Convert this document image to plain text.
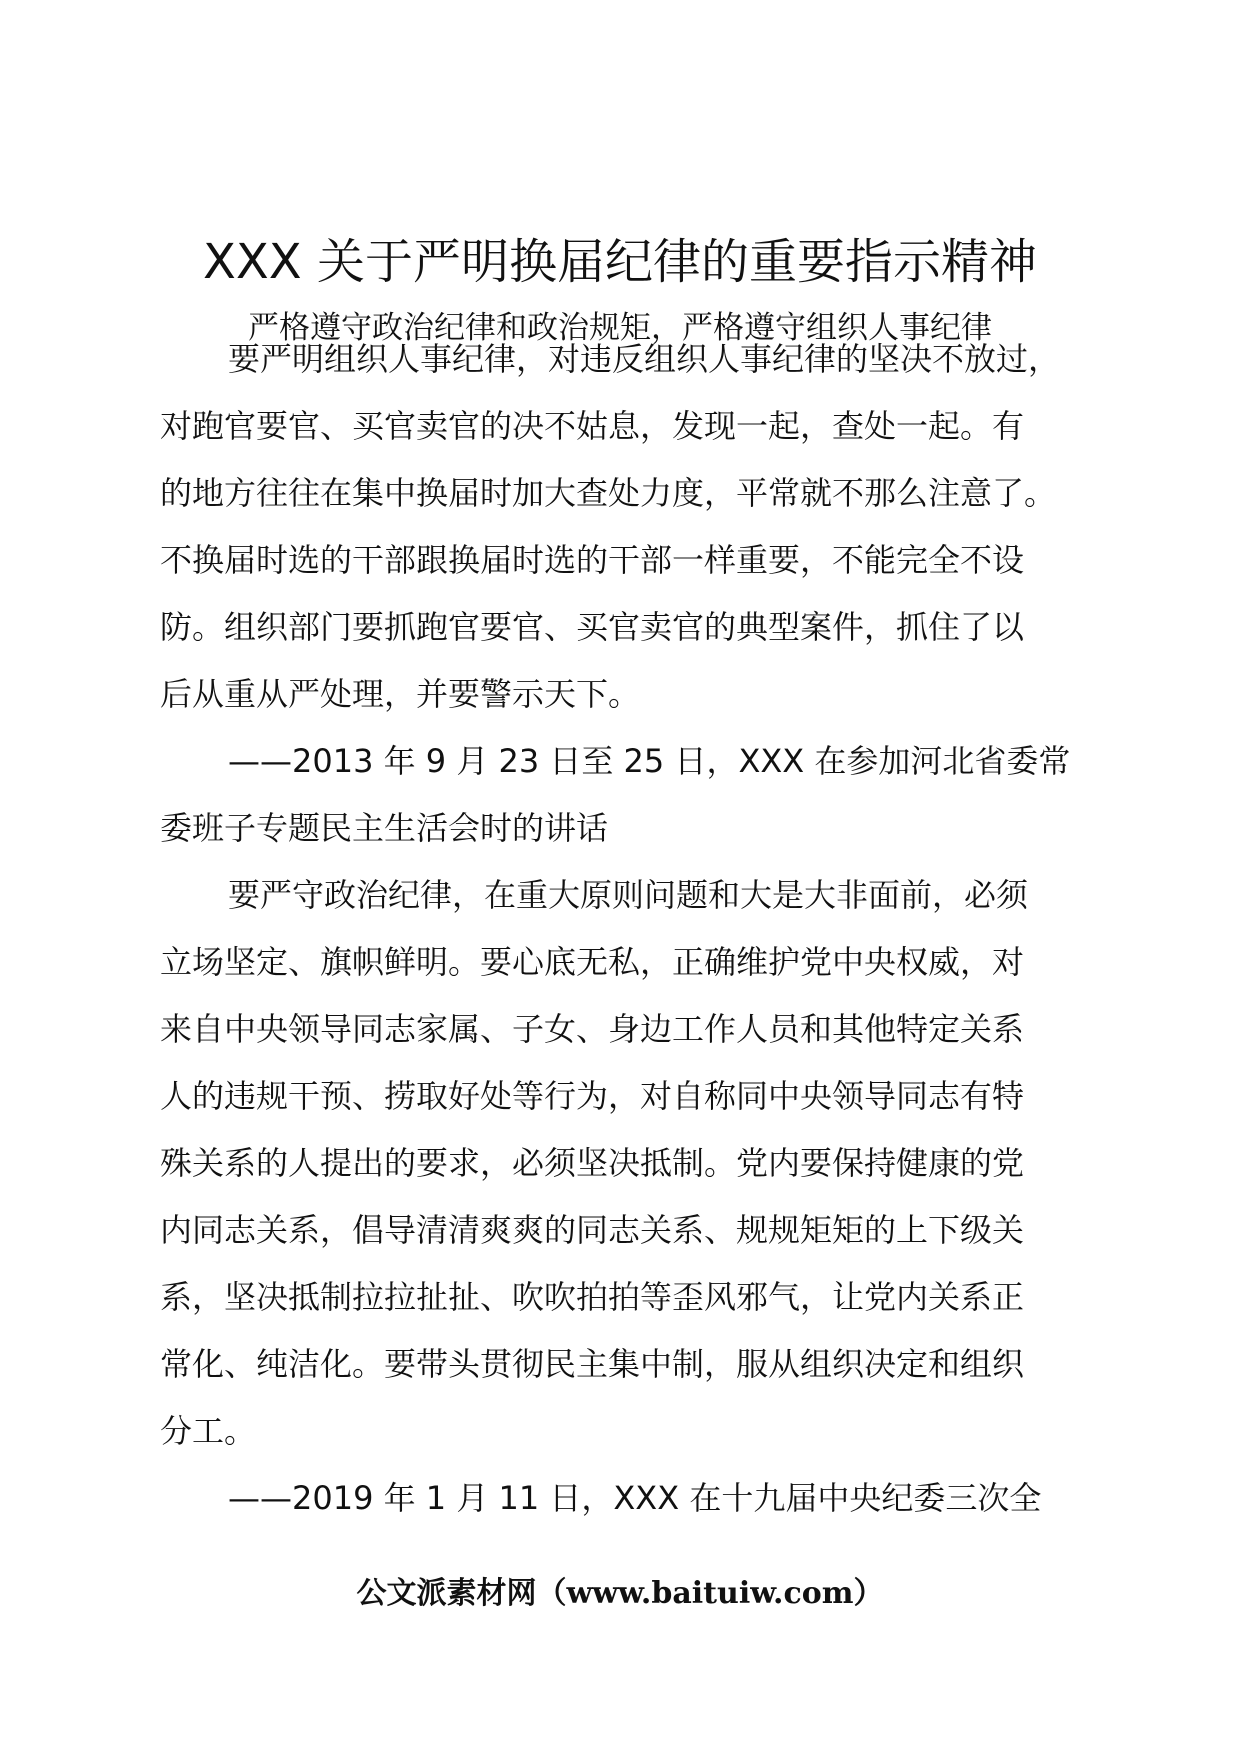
XXX 关于严明换届纪律的重要指示精神
严格遵守政治纪律和政治规矩，严格遵守组织人事纪律
要严明组织人事纪律，对违反组织人事纪律的坚决不放过，
对跑官要官、买官卖官的决不姑息，发现一起，查处一起。有
的地方往往在集中换届时加大查处力度，平常就不那么注意了。
不换届时选的干部跟换届时选的干部一样重要，不能完全不设
防。组织部门要抓跑官要官、买官卖官的典型案件，抓住了以
后从重从严处理，并要警示天下。
——2013 年 9 月 23 日至 25 日，XXX 在参加河北省委常
委班子专题民主生活会时的讲话
要严守政治纪律，在重大原则问题和大是大非面前，必须
立场坚定、旗帜鲜明。要心底无私，正确维护党中央权威，对
来自中央领导同志家属、子女、身边工作人员和其他特定关系
人的违规干预、捞取好处等行为，对自称同中央领导同志有特
殊关系的人提出的要求，必须坚决抵制。党内要保持健康的党
内同志关系，倡导清清爽爽的同志关系、规规矩矩的上下级关
系，坚决抵制拉拉扯扯、吹吹拍拍等歪风邪气，让党内关系正
常化、纯洁化。要带头贯彻民主集中制，服从组织决定和组织
分工。
——2019 年 1 月 11 日，XXX 在十九届中央纪委三次全
公文派素材网（www.baituiw.com）
